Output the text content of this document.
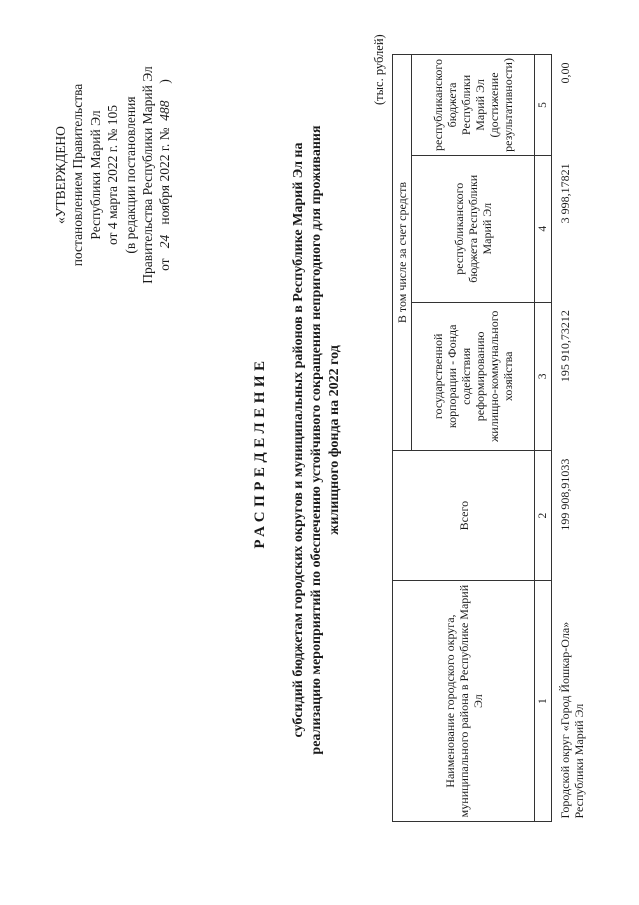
«УТВЕРЖДЕНО постановлением Правительства Республики Марий Эл от 4 марта 2022 г. № 105 (в редакции постановления Правительства Республики Марий Эл от   24   ноября 2022 г. №  488     )
РАСПРЕДЕЛЕНИЕ субсидий бюджетам городских округов и муниципальных районов в Республике Марий Эл на реализацию мероприятий по обеспечению устойчивого сокращения непригодного для проживания жилищного фонда на 2022 год
(тыс. рублей)
Наименование городского округа, муниципального района в Республике Марий Эл	Всего	В том числе за счет средств		
		государственной корпорации - Фонда содействия реформированию жилищно-коммунального хозяйства	республиканского бюджета Республики Марий Эл	республиканского бюджета Республики Марий Эл (достижение результативности)
1	2	3	4	5
Городской округ «Город Йошкар-Ола» Республики Марий Эл	199 908,91033	195 910,73212	3 998,17821	0,00
